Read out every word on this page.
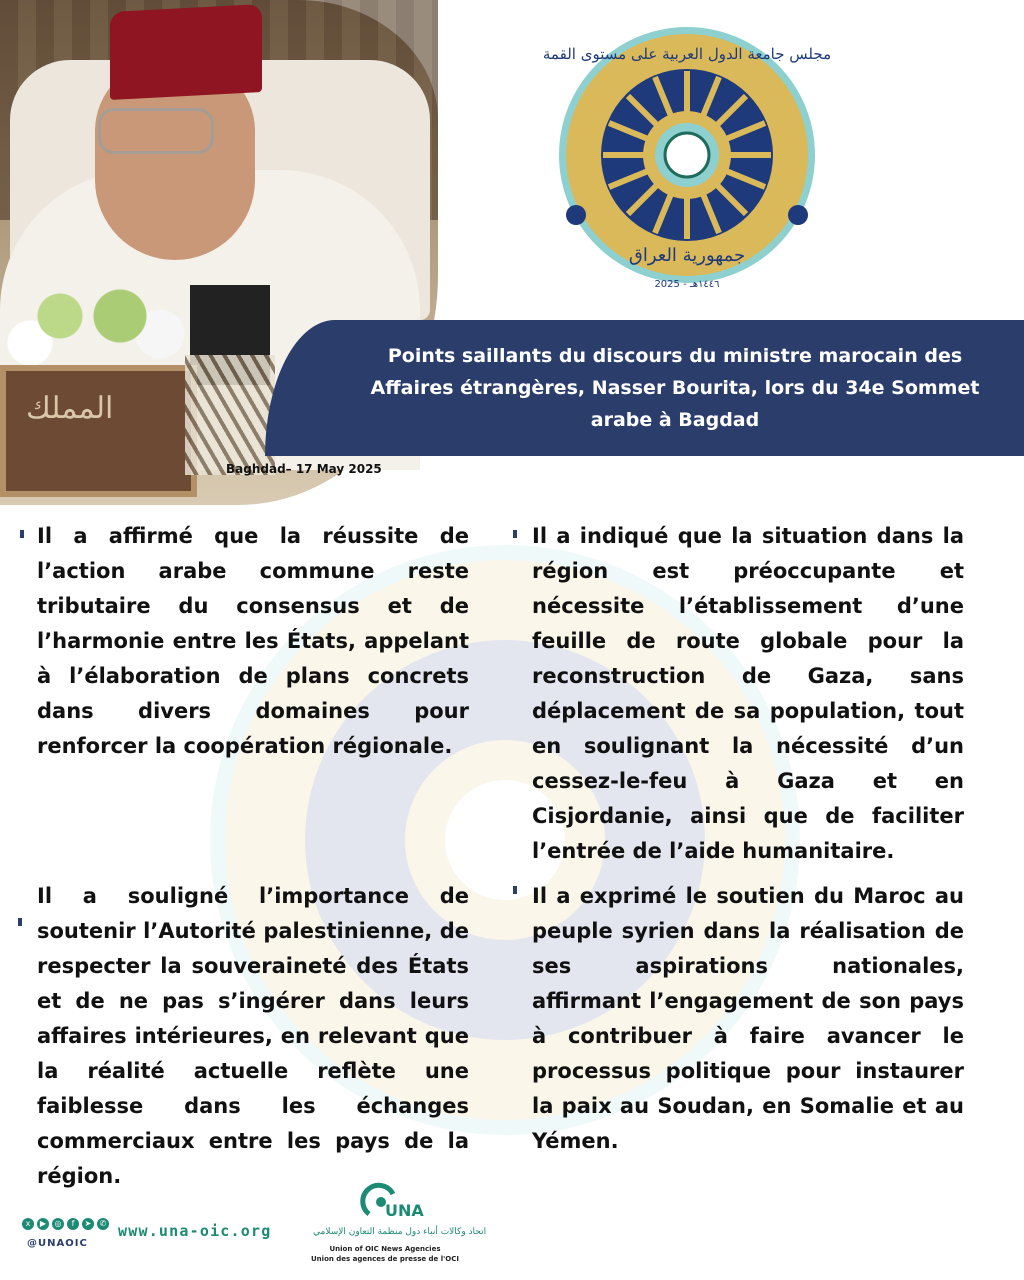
المملك
مجلس جامعة الدول العربية على مستوى القمة
جمهورية العراق
١٤٤٦هـ - 2025
Points saillants du discours du ministre marocain des Affaires étrangères, Nasser Bourita, lors du 34e Sommet arabe à Bagdad
Baghdad– 17 May 2025
Il a affirmé que la réussite de l’action arabe commune reste tributaire du consensus et de l’harmonie entre les États, appelant à l’élaboration de plans concrets dans divers domaines pour renforcer la coopération régionale.
Il a indiqué que la situation dans la région est préoccupante et nécessite l’établissement d’une feuille de route globale pour la reconstruction de Gaza, sans déplacement de sa population, tout en soulignant la nécessité d’un cessez-le-feu à Gaza et en Cisjordanie, ainsi que de faciliter l’entrée de l’aide humanitaire.
Il a souligné l’importance de soutenir l’Autorité palestinienne, de respecter la souveraineté des États et de ne pas s’ingérer dans leurs affaires intérieures, en relevant que la réalité actuelle reflète une faiblesse dans les échanges commerciaux entre les pays de la région.
Il a exprimé le soutien du Maroc au peuple syrien dans la réalisation de ses aspirations nationales, affirmant l’engagement de son pays à contribuer à faire avancer le processus politique pour instaurer la paix au Soudan, en Somalie et au Yémen.
x	▶	◎	f	➤	✆
@UNAOIC
www.una-oic.org
UNA
اتحاد وكالات أنباء دول منظمة التعاون الإسلامي
Union of OIC News Agencies
Union des agences de presse de l'OCI
